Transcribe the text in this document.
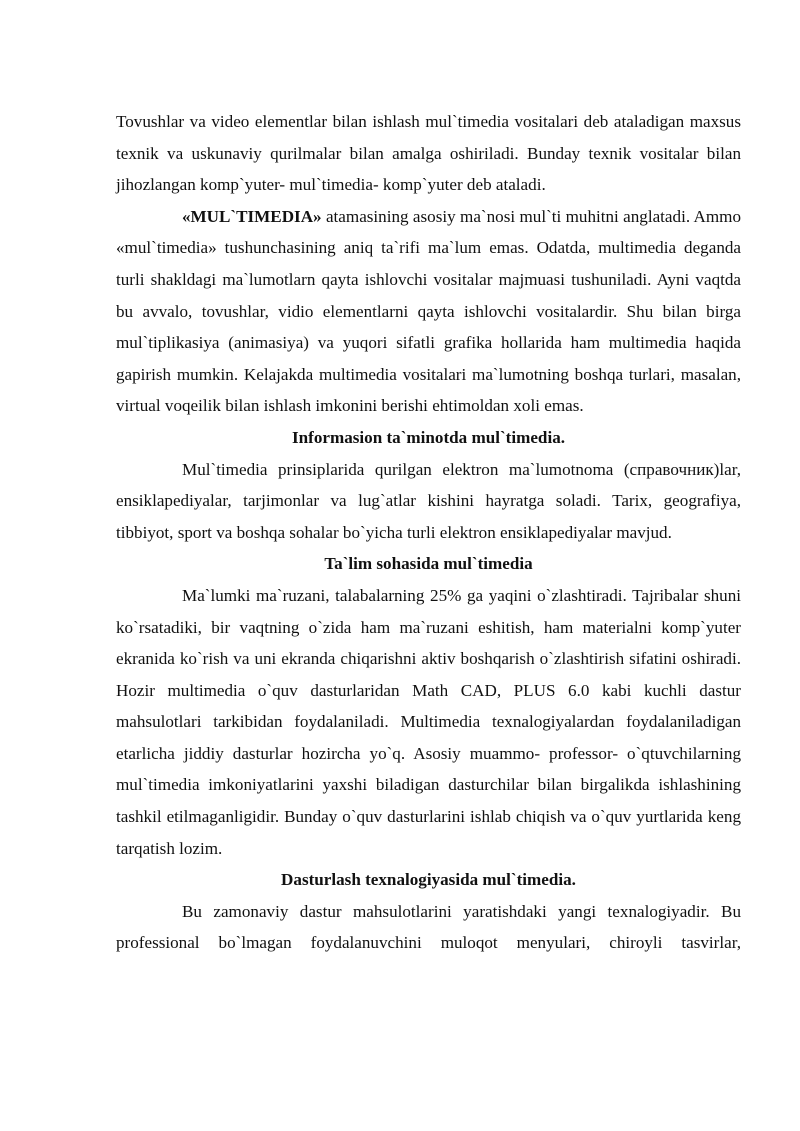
Tovushlar va video elementlar bilan ishlash mul`timedia vositalari deb ataladigan maxsus texnik va uskunaviy qurilmalar bilan amalga oshiriladi. Bunday texnik vositalar bilan jihozlangan komp`yuter- mul`timedia- komp`yuter deb ataladi.

«MUL`TIMEDIA» atamasining asosiy ma`nosi mul`ti muhitni anglatadi. Ammo «mul`timedia» tushunchasining aniq ta`rifi ma`lum emas. Odatda, multimedia deganda turli shakldagi ma`lumotlarn qayta ishlovchi vositalar majmuasi tushuniladi. Ayni vaqtda bu avvalo, tovushlar, vidio elementlarni qayta ishlovchi vositalardir. Shu bilan birga mul`tiplikasiya (animasiya) va yuqori sifatli grafika hollarida ham multimedia haqida gapirish mumkin. Kelajakda multimedia vositalari ma`lumotning boshqa turlari, masalan, virtual voqeilik bilan ishlash imkonini berishi ehtimoldan xoli emas.

Informasion ta`minotda mul`timedia.

Mul`timedia prinsiplarida qurilgan elektron ma`lumotnoma (справочник)lar, ensiklapediyalar, tarjimonlar va lug`atlar kishini hayratga soladi. Tarix, geografiya, tibbiyot, sport va boshqa sohalar bo`yicha turli elektron ensiklapediyalar mavjud.

Ta`lim sohasida mul`timedia

Ma`lumki ma`ruzani, talabalarning 25% ga yaqini o`zlashtiradi. Tajribalar shuni ko`rsatadiki, bir vaqtning o`zida ham ma`ruzani eshitish, ham materialni komp`yuter ekranida ko`rish va uni ekranda chiqarishni aktiv boshqarish o`zlashtirish sifatini oshiradi. Hozir multimedia o`quv dasturlaridan Math CAD, PLUS 6.0 kabi kuchli dastur mahsulotlari tarkibidan foydalaniladi. Multimedia texnalogiyalardan foydalaniladigan etarlicha jiddiy dasturlar hozircha yo`q. Asosiy muammo- professor- o`qtuvchilarning mul`timedia imkoniyatlarini yaxshi biladigan dasturchilar bilan birgalikda ishlashining tashkil etilmaganligidir. Bunday o`quv dasturlarini ishlab chiqish va o`quv yurtlarida keng tarqatish lozim.

Dasturlash texnalogiyasida mul`timedia.

Bu zamonaviy dastur mahsulotlarini yaratishdaki yangi texnalogiyadir. Bu professional bo`lmagan foydalanuvchini muloqot menyulari, chiroyli tasvirlar,
